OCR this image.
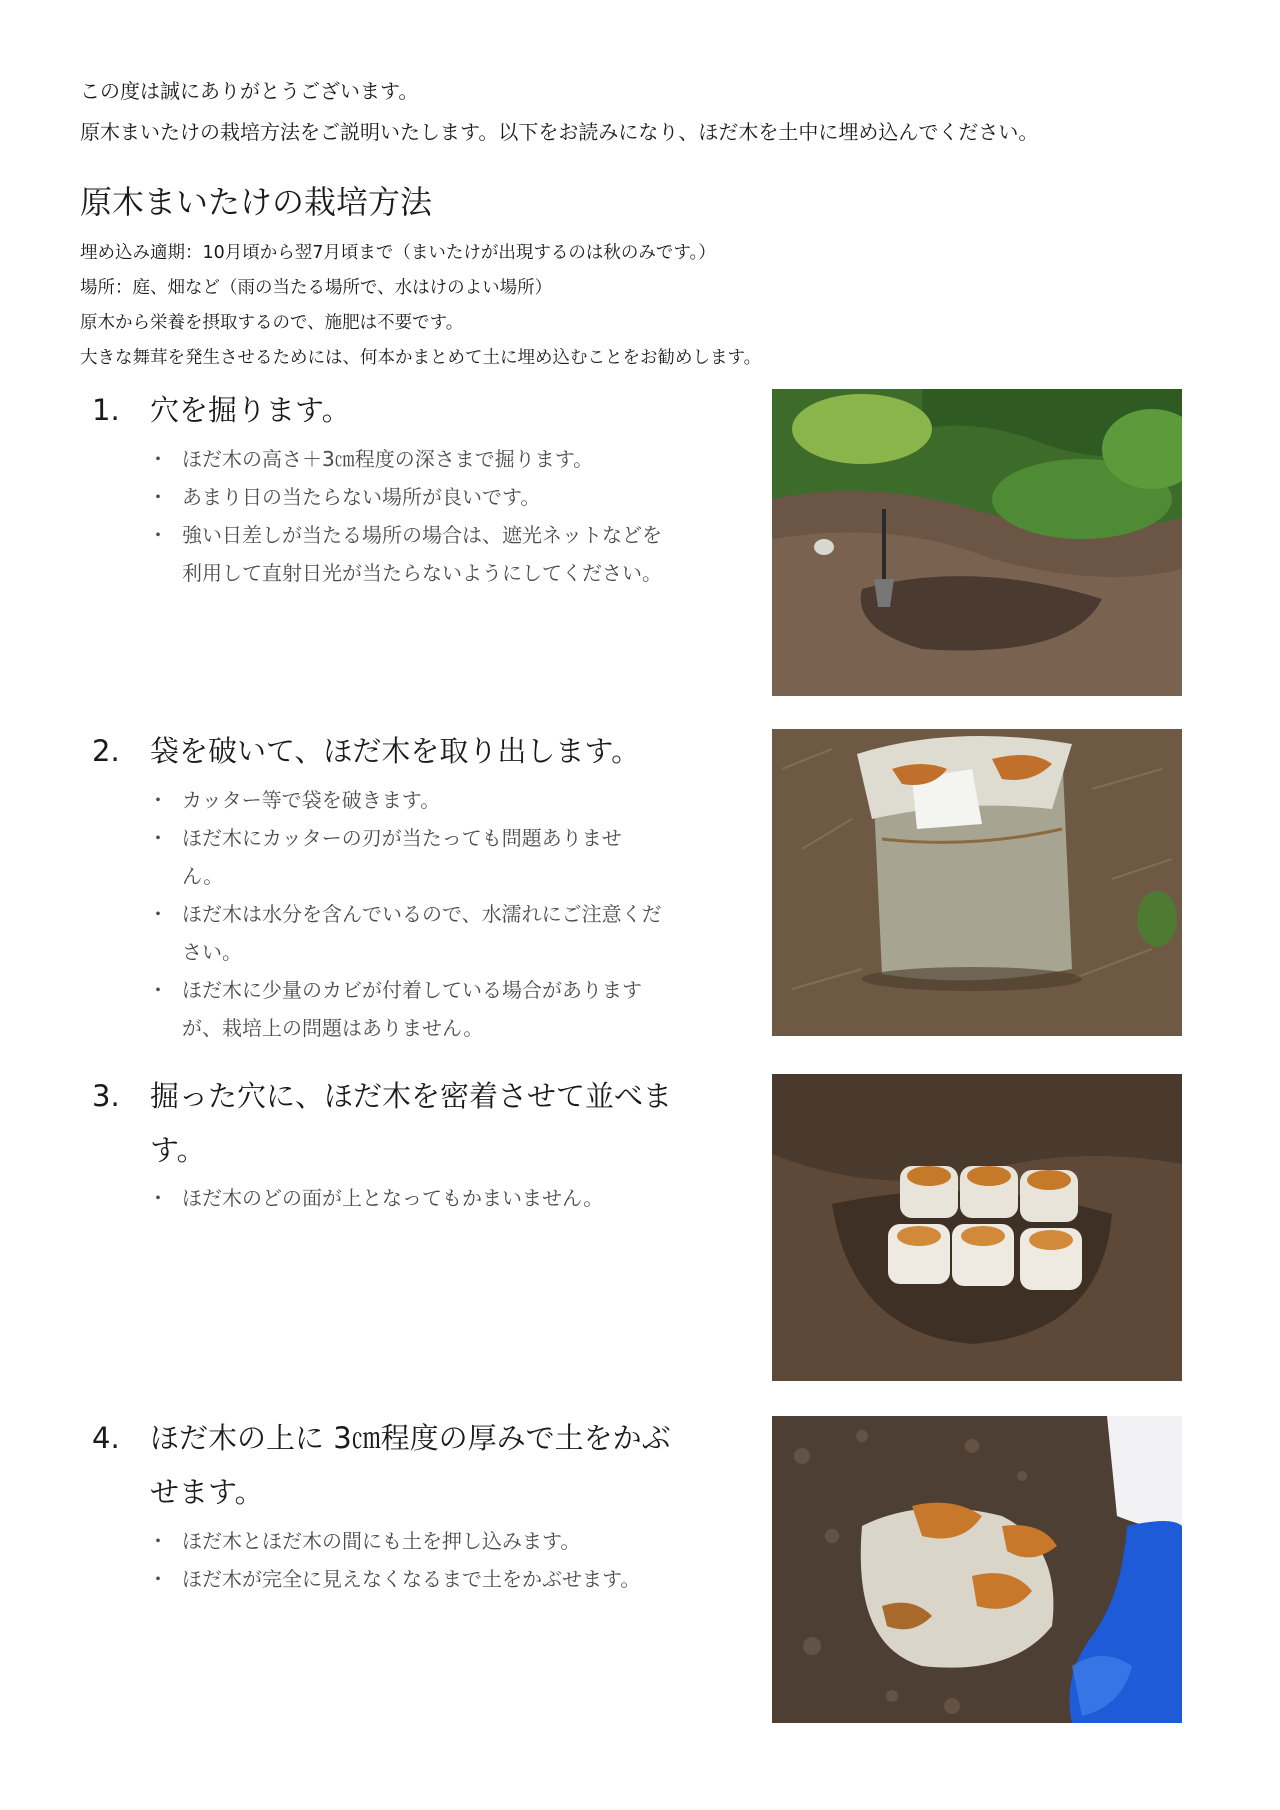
この度は誠にありがとうございます。
原木まいたけの栽培方法をご説明いたします。以下をお読みになり、ほだ木を土中に埋め込んでください。
原木まいたけの栽培方法
埋め込み適期：10月頃から翌7月頃まで（まいたけが出現するのは秋のみです。）
場所：庭、畑など（雨の当たる場所で、水はけのよい場所）
原木から栄養を摂取するので、施肥は不要です。
大きな舞茸を発生させるためには、何本かまとめて土に埋め込むことをお勧めします。
1. 穴を掘ります。
・ ほだ木の高さ＋3㎝程度の深さまで掘ります。
・ あまり日の当たらない場所が良いです。
・ 強い日差しが当たる場所の場合は、遮光ネットなどを利用して直射日光が当たらないようにしてください。
2. 袋を破いて、ほだ木を取り出します。
・ カッター等で袋を破きます。
・ ほだ木にカッターの刃が当たっても問題ありません。
・ ほだ木は水分を含んでいるので、水濡れにご注意ください。
・ ほだ木に少量のカビが付着している場合がありますが、栽培上の問題はありません。
3. 掘った穴に、ほだ木を密着させて並べます。
・ ほだ木のどの面が上となってもかまいません。
4. ほだ木の上に 3㎝程度の厚みで土をかぶせます。
・ ほだ木とほだ木の間にも土を押し込みます。
・ ほだ木が完全に見えなくなるまで土をかぶせます。
